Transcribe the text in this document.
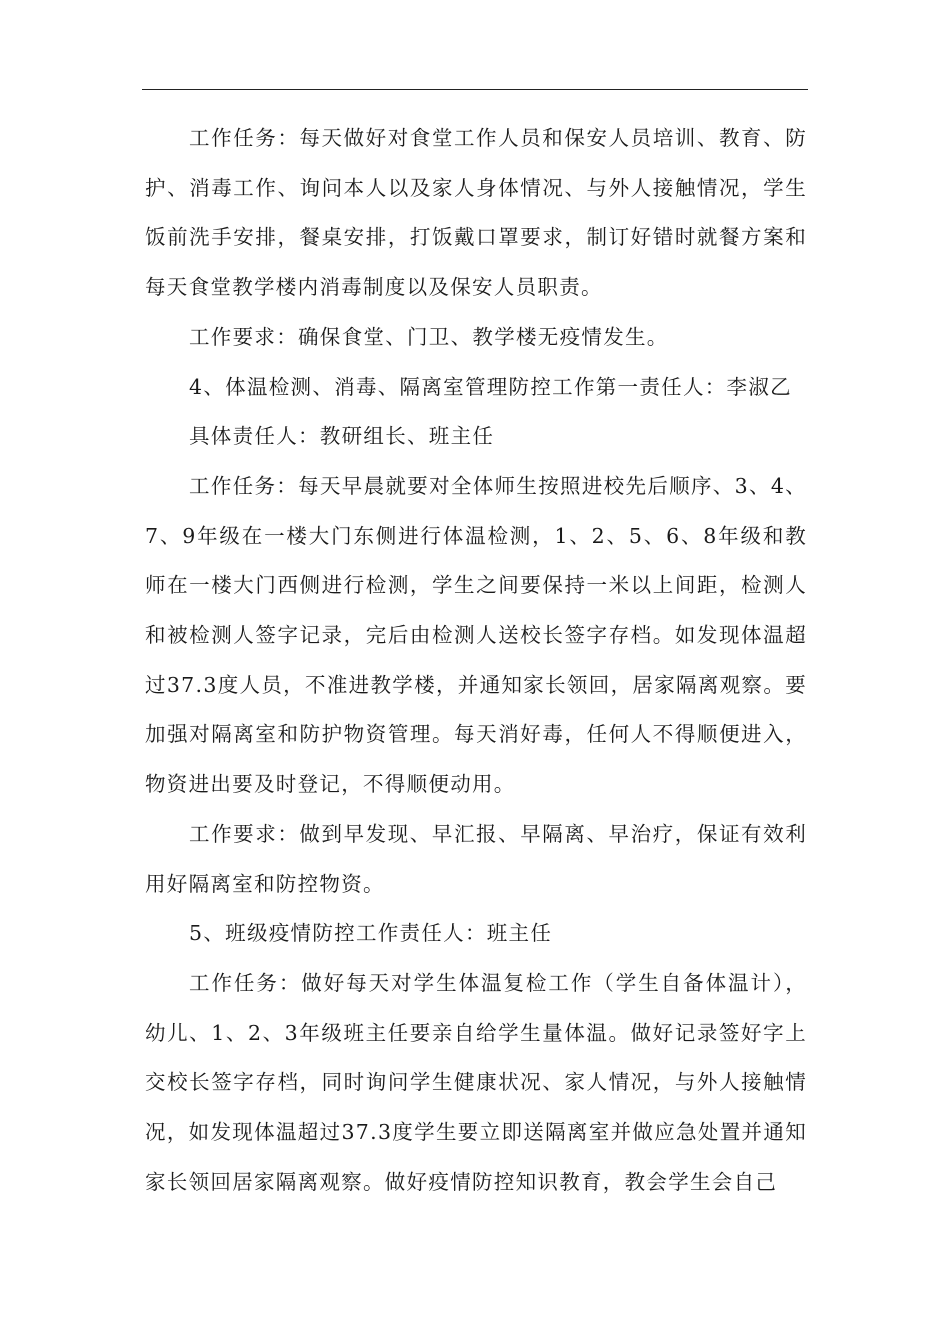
工作任务：每天做好对食堂工作人员和保安人员培训、教育、防护、消毒工作、询问本人以及家人身体情况、与外人接触情况，学生饭前洗手安排，餐桌安排，打饭戴口罩要求，制订好错时就餐方案和每天食堂教学楼内消毒制度以及保安人员职责。

工作要求：确保食堂、门卫、教学楼无疫情发生。

4、体温检测、消毒、隔离室管理防控工作第一责任人：李淑乙

具体责任人：教研组长、班主任

工作任务：每天早晨就要对全体师生按照进校先后顺序、3、4、7、9年级在一楼大门东侧进行体温检测，1、2、5、6、8年级和教师在一楼大门西侧进行检测，学生之间要保持一米以上间距，检测人和被检测人签字记录，完后由检测人送校长签字存档。如发现体温超过37.3度人员，不准进教学楼，并通知家长领回，居家隔离观察。要加强对隔离室和防护物资管理。每天消好毒，任何人不得顺便进入，物资进出要及时登记，不得顺便动用。

工作要求：做到早发现、早汇报、早隔离、早治疗，保证有效利用好隔离室和防控物资。

5、班级疫情防控工作责任人：班主任

工作任务：做好每天对学生体温复检工作（学生自备体温计），幼儿、1、2、3年级班主任要亲自给学生量体温。做好记录签好字上交校长签字存档，同时询问学生健康状况、家人情况，与外人接触情况，如发现体温超过37.3度学生要立即送隔离室并做应急处置并通知家长领回居家隔离观察。做好疫情防控知识教育，教会学生会自己
